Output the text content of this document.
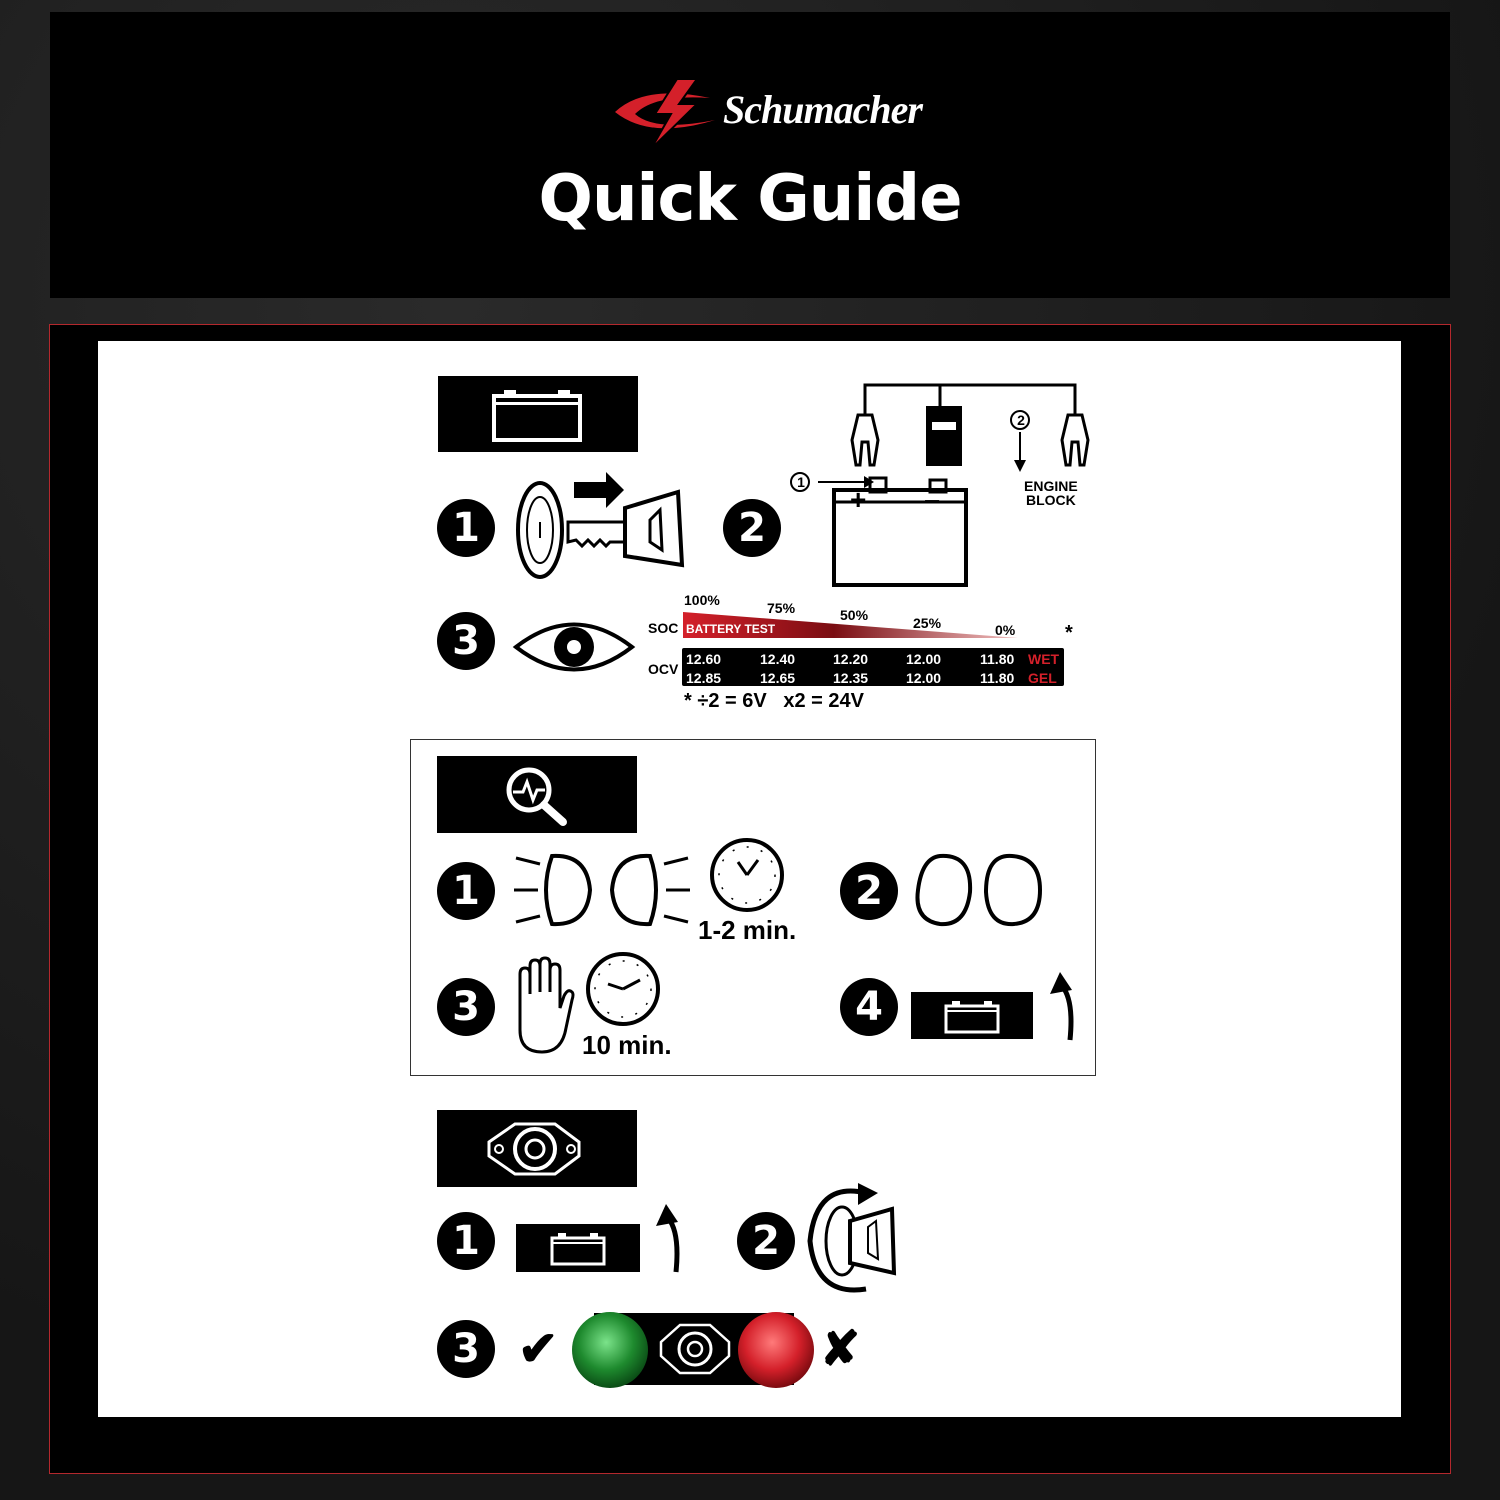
Schumacher
Quick Guide
1	2
1
2
+ −	ENGINE
BLOCK
3	SOC
100%	75%	50%	25%	0% *
BATTERY TEST
OCV
12.60	12.40	12.20	12.00	11.80 WET
12.85	12.65	12.35	12.00	11.80 GEL
* ÷2 = 6V   x2 = 24V
1
1-2 min.
2
3
10 min.
4
1	2
3 ✔	✘
